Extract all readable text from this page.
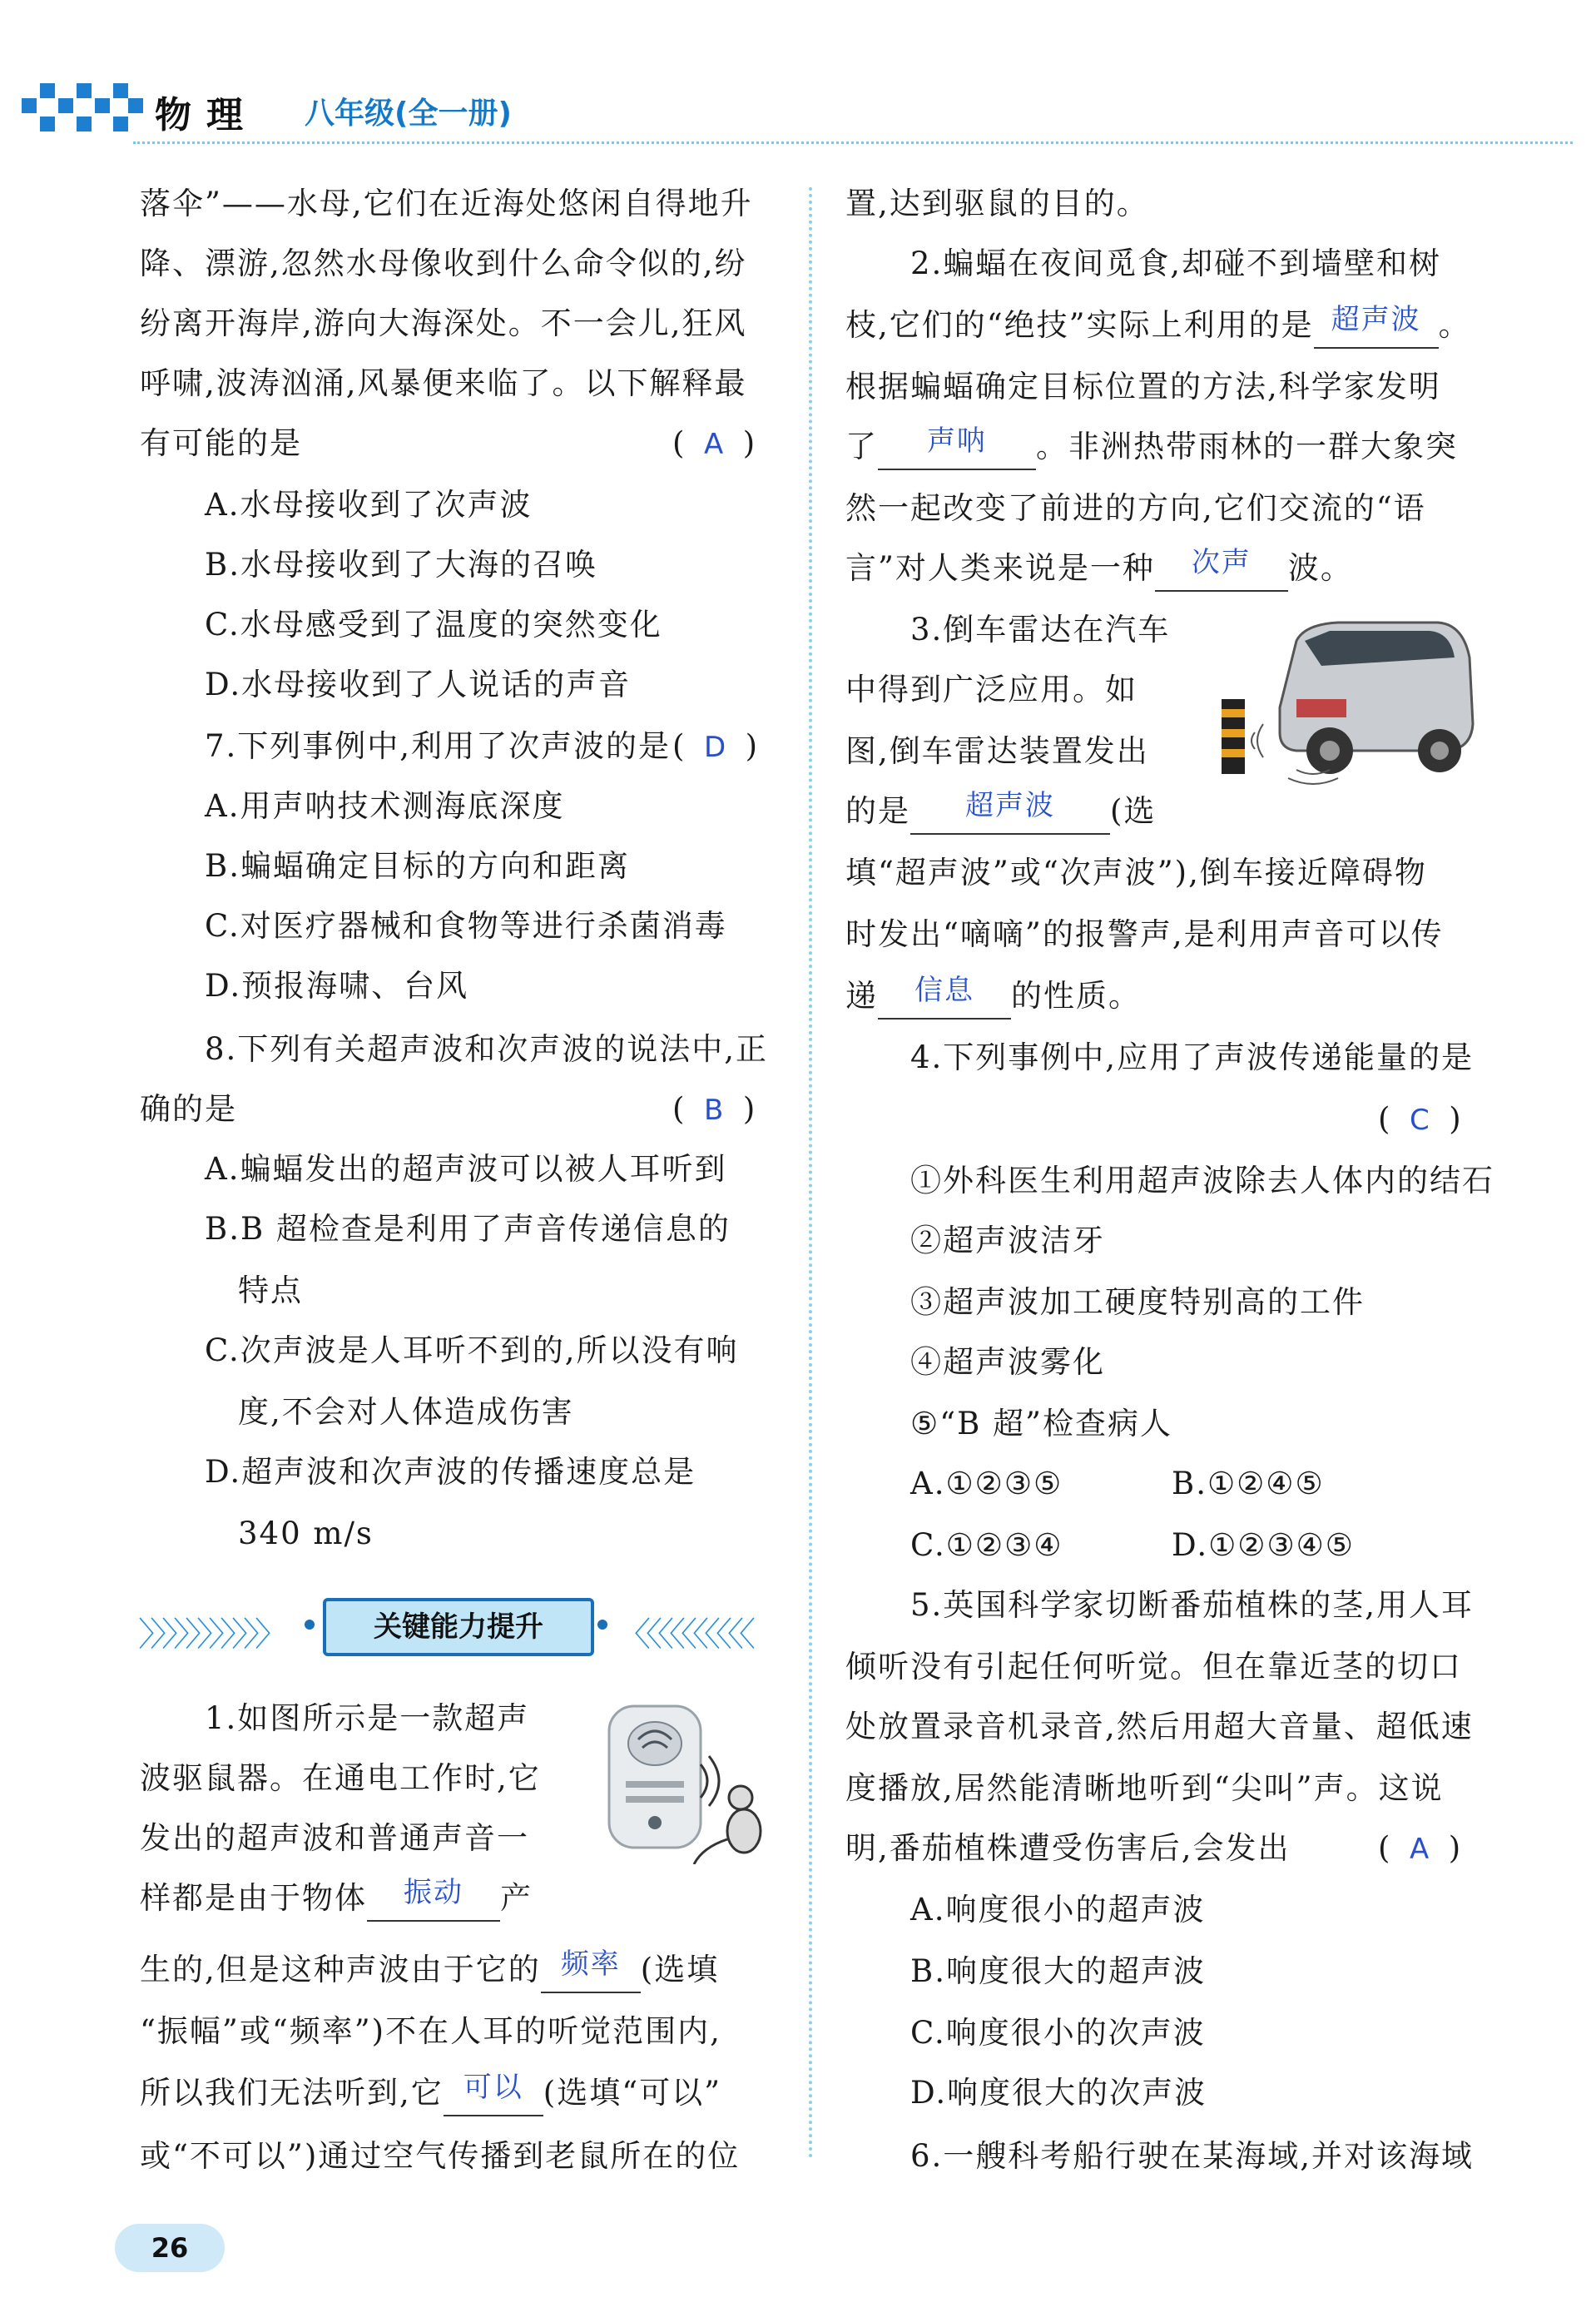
物理 八年级(全一册)
落伞”——水母,它们在近海处悠闲自得地升
降、漂游,忽然水母像收到什么命令似的,纷
纷离开海岸,游向大海深处。不一会儿,狂风
呼啸,波涛汹涌,风暴便来临了。以下解释最
有可能的是	(  A  )
A.水母接收到了次声波
B.水母接收到了大海的召唤
C.水母感受到了温度的突然变化
D.水母接收到了人说话的声音
7.下列事例中,利用了次声波的是 (  D  )
A.用声呐技术测海底深度
B.蝙蝠确定目标的方向和距离
C.对医疗器械和食物等进行杀菌消毒
D.预报海啸、台风
8.下列有关超声波和次声波的说法中,正
确的是	(  B  )
A.蝙蝠发出的超声波可以被人耳听到
B.B 超检查是利用了声音传递信息的
特点
C.次声波是人耳听不到的,所以没有响
度,不会对人体造成伤害
D.超声波和次声波的传播速度总是
340 m/s
〉〉〉〉〉〉〉〉〉〉〉	关键能力提升	〈〈〈〈〈〈〈〈〈〈
1.如图所示是一款超声
波驱鼠器。在通电工作时,它
发出的超声波和普通声音一
样都是由于物体 振动 产
生的,但是这种声波由于它的 频率 (选填
“振幅”或“频率”)不在人耳的听觉范围内,
所以我们无法听到,它 可以 (选填“可以”
或“不可以”)通过空气传播到老鼠所在的位
置,达到驱鼠的目的。
2.蝙蝠在夜间觅食,却碰不到墙壁和树
枝,它们的“绝技”实际上利用的是 超声波 。
根据蝙蝠确定目标位置的方法,科学家发明
了 声呐 。非洲热带雨林的一群大象突
然一起改变了前进的方向,它们交流的“语
言”对人类来说是一种 次声 波。
3.倒车雷达在汽车
中得到广泛应用。如
图,倒车雷达装置发出
的是 超声波 (选
填“超声波”或“次声波”),倒车接近障碍物
时发出“嘀嘀”的报警声,是利用声音可以传
递 信息 的性质。
4.下列事例中,应用了声波传递能量的是
(  C  )
①外科医生利用超声波除去人体内的结石
②超声波洁牙
③超声波加工硬度特别高的工件
④超声波雾化
⑤“B 超”检查病人
A.①②③⑤	B.①②④⑤
C.①②③④	D.①②③④⑤
5.英国科学家切断番茄植株的茎,用人耳
倾听没有引起任何听觉。但在靠近茎的切口
处放置录音机录音,然后用超大音量、超低速
度播放,居然能清晰地听到“尖叫”声。这说
明,番茄植株遭受伤害后,会发出	(  A  )
A.响度很小的超声波
B.响度很大的超声波
C.响度很小的次声波
D.响度很大的次声波
6.一艘科考船行驶在某海域,并对该海域
26
